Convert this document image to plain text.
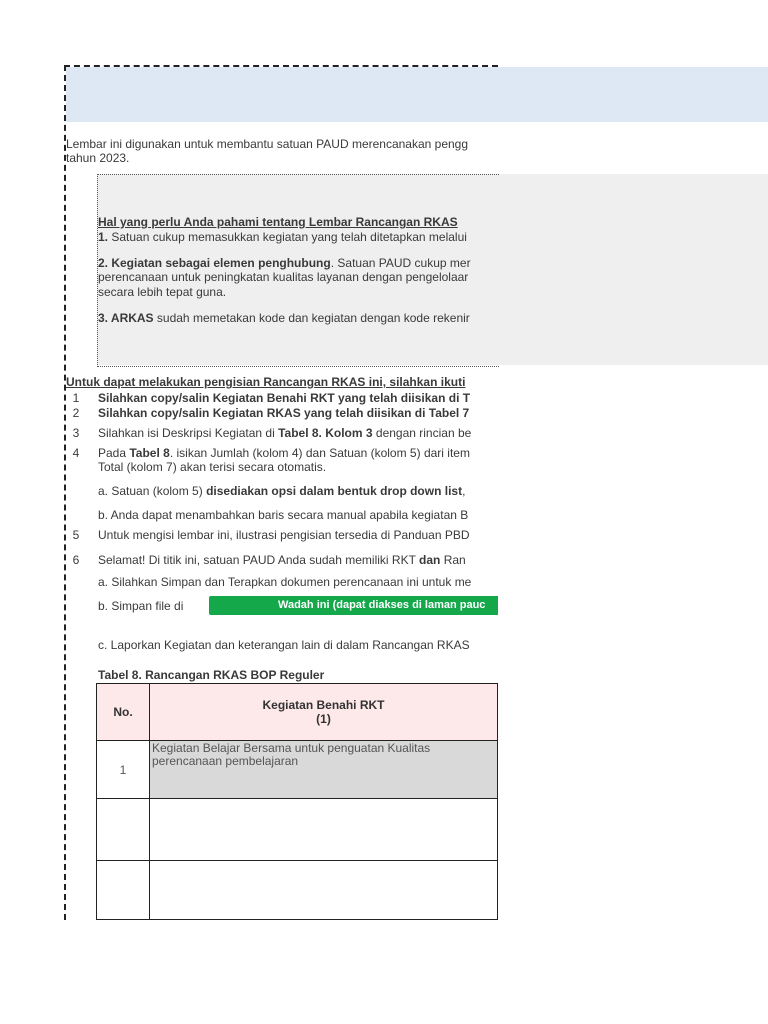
Lembar ini digunakan untuk membantu satuan PAUD merencanakan pengg
tahun 2023.
Hal yang perlu Anda pahami tentang Lembar Rancangan RKAS
1. Satuan cukup memasukkan kegiatan yang telah ditetapkan melalui
2. Kegiatan sebagai elemen penghubung. Satuan PAUD cukup mer
perencanaan untuk peningkatan kualitas layanan dengan pengelolaar
secara lebih tepat guna.
3. ARKAS sudah memetakan kode dan kegiatan dengan kode rekenir
Untuk dapat melakukan pengisian Rancangan RKAS ini, silahkan ikuti
1	Silahkan copy/salin Kegiatan Benahi RKT yang telah diisikan di T
2	Silahkan copy/salin Kegiatan RKAS yang telah diisikan di Tabel 7
3	Silahkan isi Deskripsi Kegiatan di Tabel 8. Kolom 3 dengan rincian be
4	Pada Tabel 8. isikan Jumlah (kolom 4) dan Satuan (kolom 5) dari item
Total (kolom 7) akan terisi secara otomatis.
a. Satuan (kolom 5) disediakan opsi dalam bentuk drop down list,
b. Anda dapat menambahkan baris secara manual apabila kegiatan B
5	Untuk mengisi lembar ini, ilustrasi pengisian tersedia di Panduan PBD
6	Selamat! Di titik ini, satuan PAUD Anda sudah memiliki RKT dan Ran
a. Silahkan Simpan dan Terapkan dokumen perencanaan ini untuk me
b. Simpan file di	Wadah ini (dapat diakses di laman pauc
c. Laporkan Kegiatan dan keterangan lain di dalam Rancangan RKAS
Tabel 8. Rancangan RKAS BOP Reguler
No.	Kegiatan Benahi RKT
(1)

1	Kegiatan Belajar Bersama untuk penguatan Kualitas perencanaan pembelajaran
